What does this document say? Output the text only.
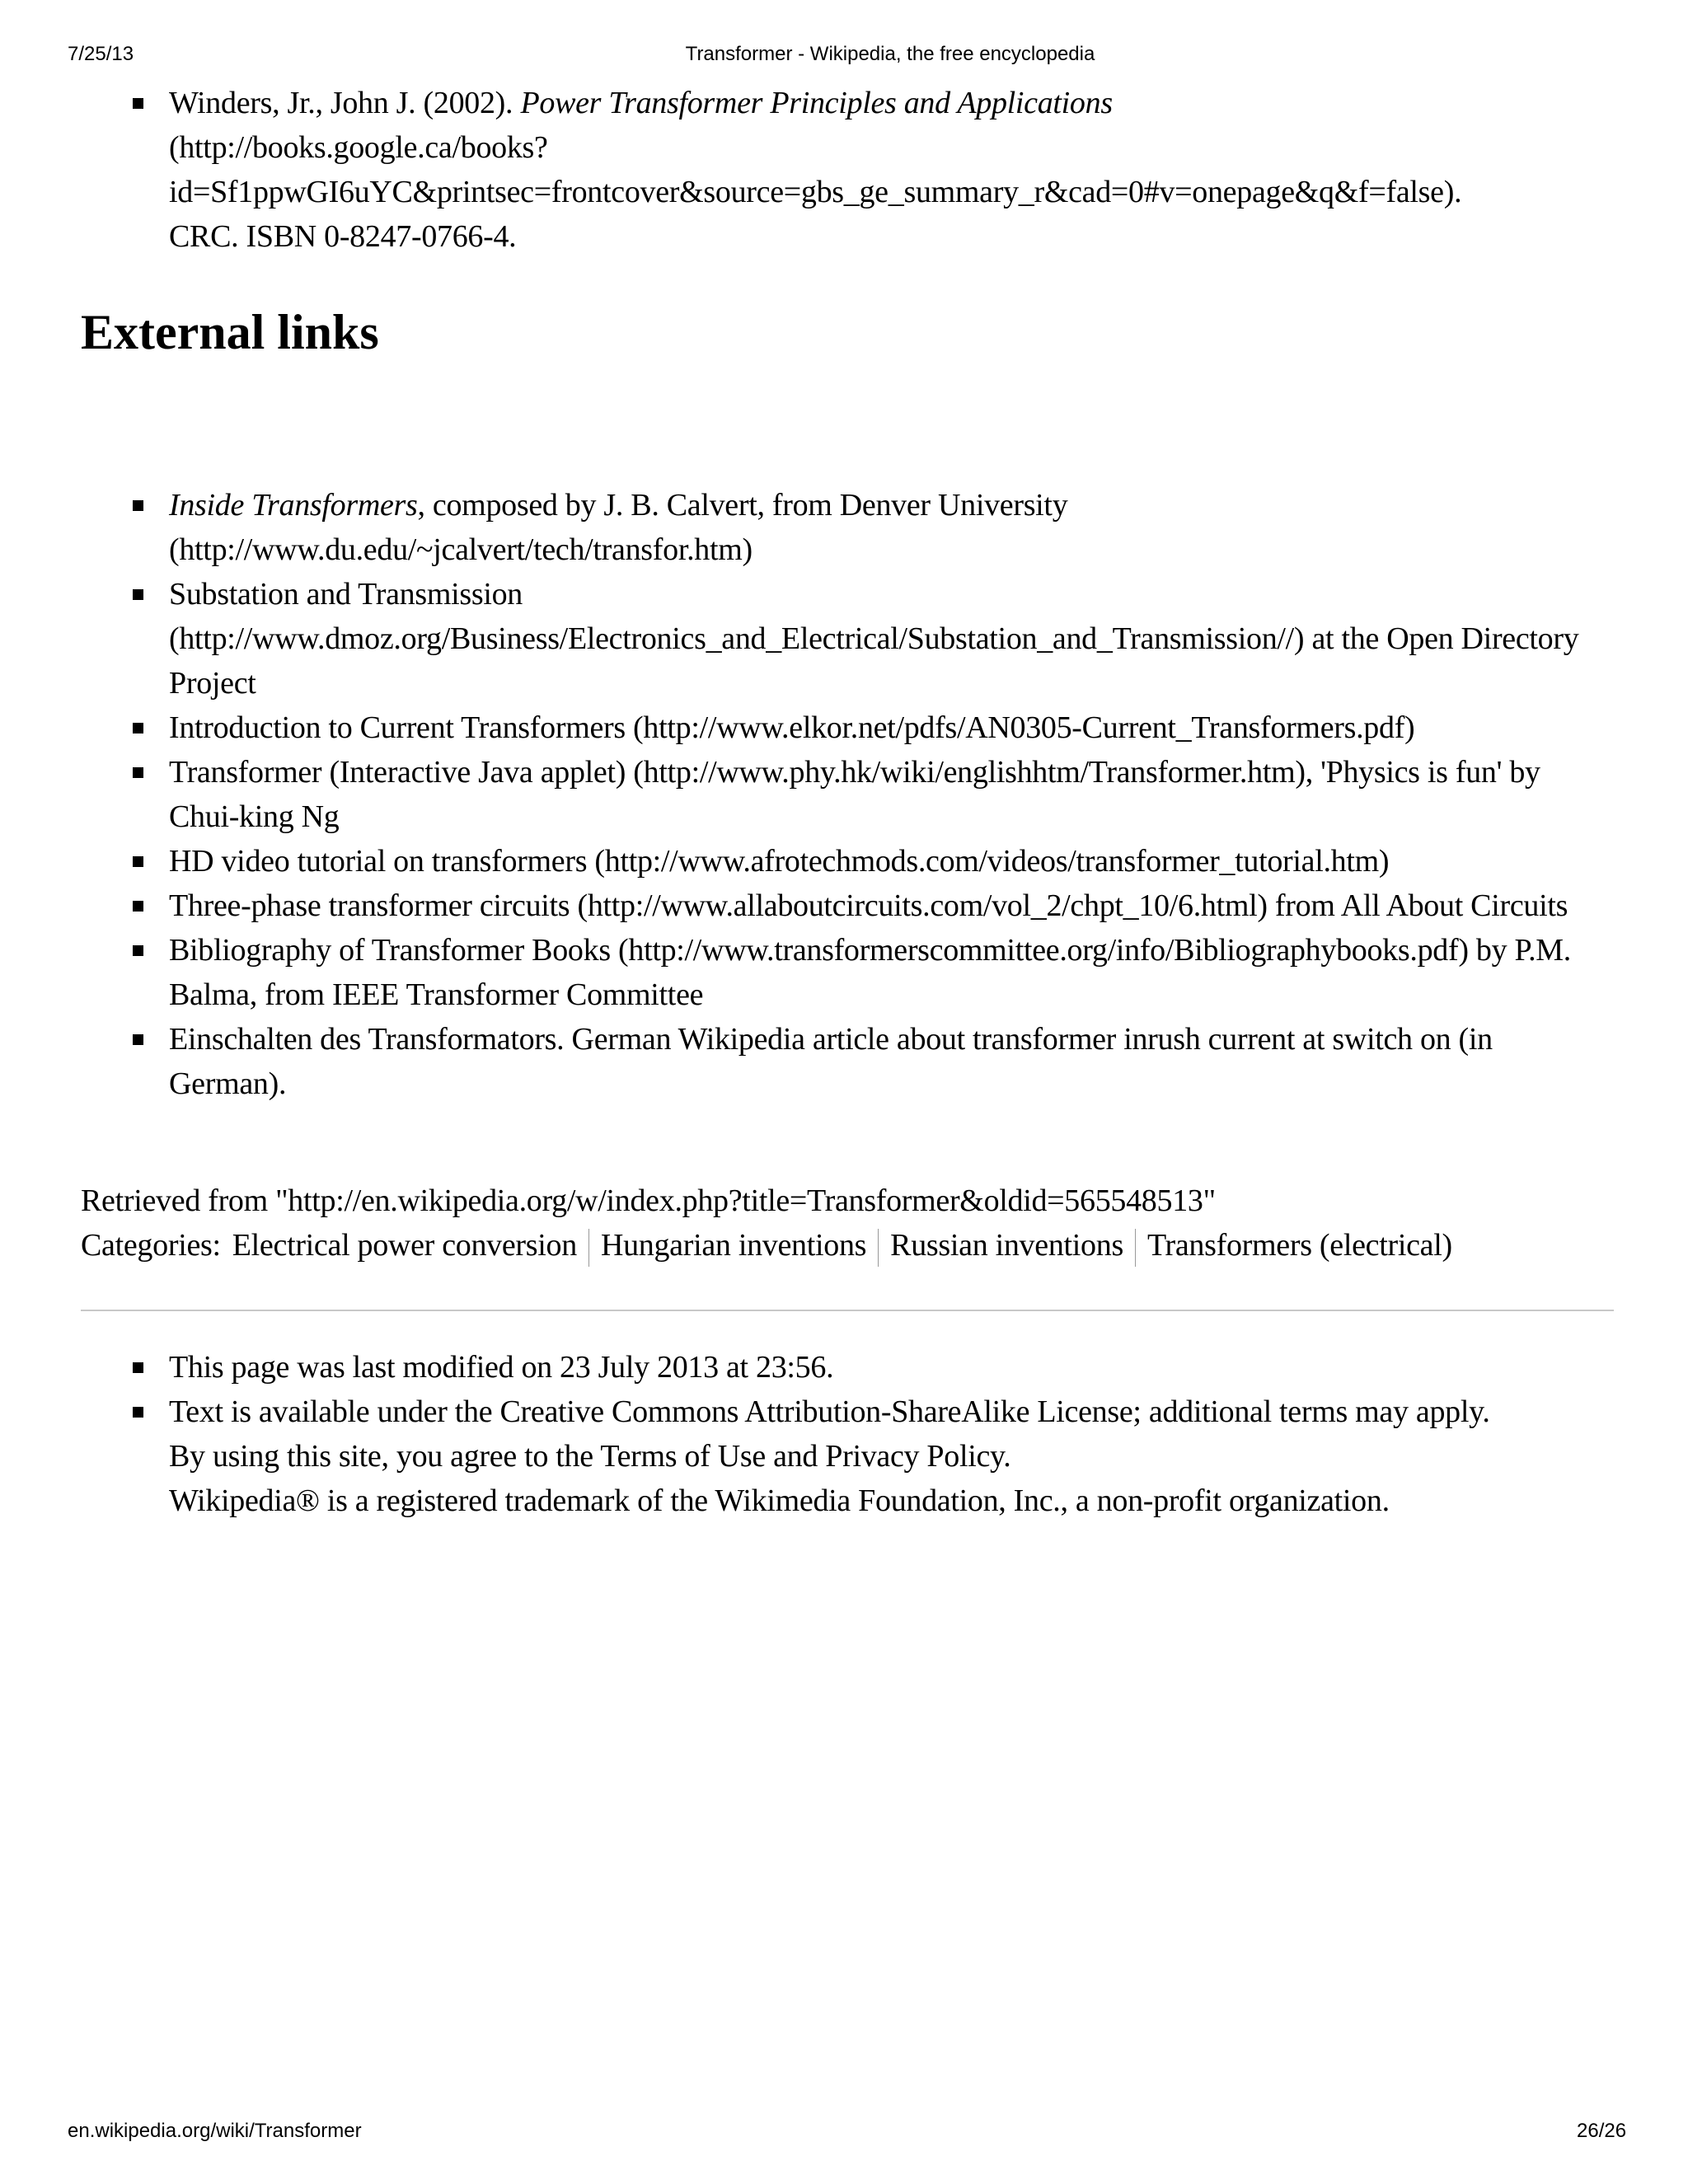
7/25/13	Transformer - Wikipedia, the free encyclopedia
Winders, Jr., John J. (2002). Power Transformer Principles and Applications
(http://books.google.ca/books?
id=Sf1ppwGI6uYC&printsec=frontcover&source=gbs_ge_summary_r&cad=0#v=onepage&q&f=false).
CRC. ISBN 0-8247-0766-4.
External links
Inside Transformers, composed by J. B. Calvert, from Denver University (http://www.du.edu/~jcalvert/tech/transfor.htm)
Substation and Transmission (http://www.dmoz.org/Business/Electronics_and_Electrical/Substation_and_Transmission//) at the Open Directory Project
Introduction to Current Transformers (http://www.elkor.net/pdfs/AN0305-Current_Transformers.pdf)
Transformer (Interactive Java applet) (http://www.phy.hk/wiki/englishhtm/Transformer.htm), 'Physics is fun' by Chui-king Ng
HD video tutorial on transformers (http://www.afrotechmods.com/videos/transformer_tutorial.htm)
Three-phase transformer circuits (http://www.allaboutcircuits.com/vol_2/chpt_10/6.html) from All About Circuits
Bibliography of Transformer Books (http://www.transformerscommittee.org/info/Bibliographybooks.pdf) by P.M. Balma, from IEEE Transformer Committee
Einschalten des Transformators. German Wikipedia article about transformer inrush current at switch on (in German).
Retrieved from "http://en.wikipedia.org/w/index.php?title=Transformer&oldid=565548513"
Categories: Electrical power conversion Hungarian inventions Russian inventions Transformers (electrical)
This page was last modified on 23 July 2013 at 23:56.
Text is available under the Creative Commons Attribution-ShareAlike License; additional terms may apply.
By using this site, you agree to the Terms of Use and Privacy Policy.
Wikipedia® is a registered trademark of the Wikimedia Foundation, Inc., a non-profit organization.
en.wikipedia.org/wiki/Transformer	26/26
